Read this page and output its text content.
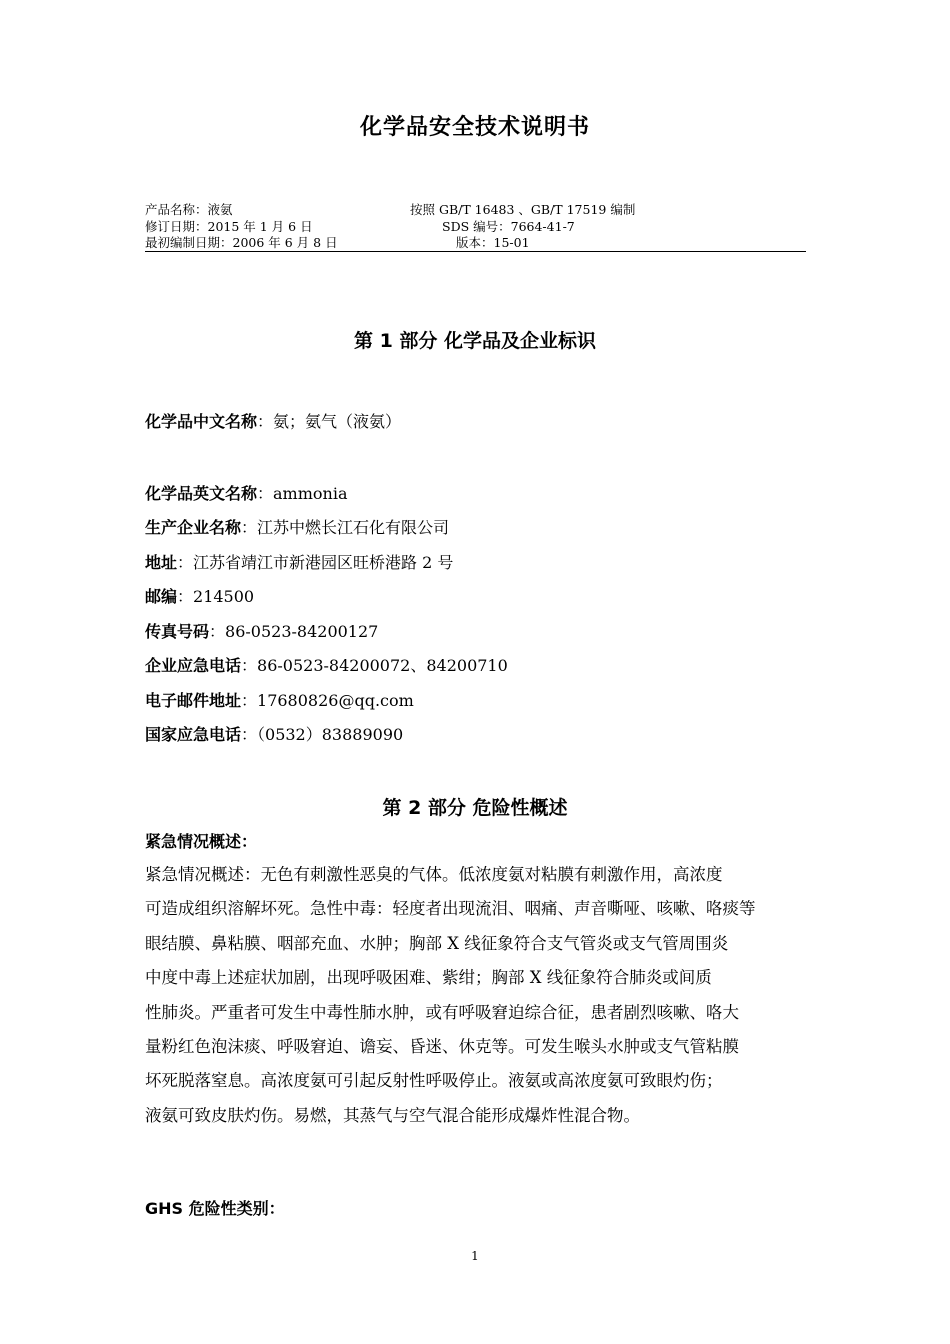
化学品安全技术说明书
产品名称：液氨	按照 GB/T 16483 、GB/T 17519 编制
修订日期：2015 年 1 月 6 日	SDS 编号：7664-41-7
最初编制日期：2006 年 6 月 8 日	版本：15-01
第 1 部分 化学品及企业标识
化学品中文名称：氨；氨气（液氨）
化学品英文名称：ammonia
生产企业名称：江苏中燃长江石化有限公司
地址：江苏省靖江市新港园区旺桥港路 2 号
邮编：214500
传真号码：86-0523-84200127
企业应急电话：86-0523-84200072、84200710
电子邮件地址：17680826@qq.com
国家应急电话：（0532）83889090
第 2 部分 危险性概述
紧急情况概述：
紧急情况概述：无色有刺激性恶臭的气体。低浓度氨对粘膜有刺激作用，高浓度
可造成组织溶解坏死。急性中毒：轻度者出现流泪、咽痛、声音嘶哑、咳嗽、咯痰等
眼结膜、鼻粘膜、咽部充血、水肿；胸部 X 线征象符合支气管炎或支气管周围炎
中度中毒上述症状加剧，出现呼吸困难、紫绀；胸部 X 线征象符合肺炎或间质
性肺炎。严重者可发生中毒性肺水肿，或有呼吸窘迫综合征，患者剧烈咳嗽、咯大
量粉红色泡沫痰、呼吸窘迫、谵妄、昏迷、休克等。可发生喉头水肿或支气管粘膜
坏死脱落窒息。高浓度氨可引起反射性呼吸停止。液氨或高浓度氨可致眼灼伤；
液氨可致皮肤灼伤。易燃，其蒸气与空气混合能形成爆炸性混合物。
GHS 危险性类别：
1
